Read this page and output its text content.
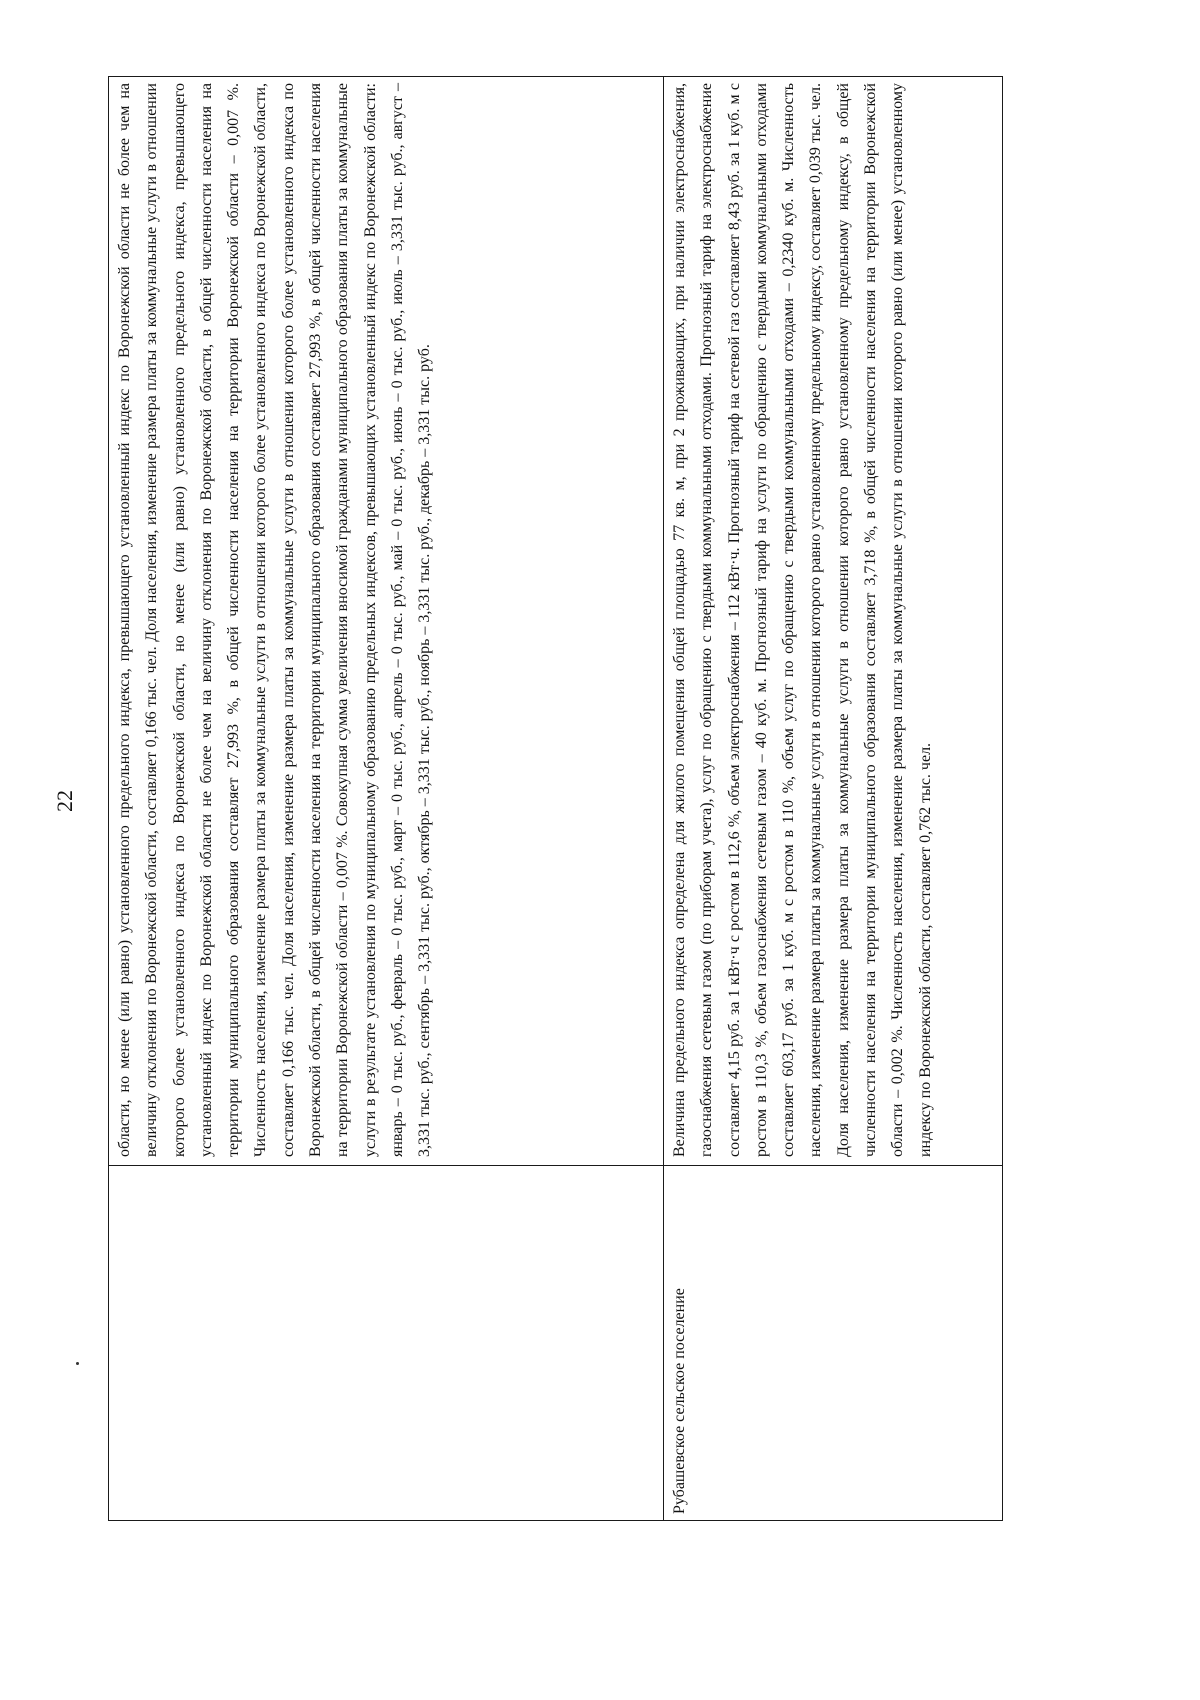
22	области, но менее (или равно) установленного предельного индекса, превышающего установленный индекс по Воронежской области не более чем на величину отклонения по Воронежской области, составляет 0,166 тыс. чел. Доля населения, изменение размера платы за коммунальные услуги в отношении которого более установленного индекса по Воронежской области, но менее (или равно) установленного предельного индекса, превышающего установленный индекс по Воронежской области не более чем на величину отклонения по Воронежской области, в общей численности населения на территории муниципального образования составляет 27,993 %, в общей численности населения на территории Воронежской области – 0,007 %. Численность населения, изменение размера платы за коммунальные услуги в отношении которого более установленного индекса по Воронежской области, составляет 0,166 тыс. чел. Доля населения, изменение размера платы за коммунальные услуги в отношении которого более установленного индекса по Воронежской области, в общей численности населения на территории муниципального образования составляет 27,993 %, в общей численности населения на территории Воронежской области – 0,007 %. Совокупная сумма увеличения вносимой гражданами муниципального образования платы за коммунальные услуги в результате установления по муниципальному образованию предельных индексов, превышающих установленный индекс по Воронежской области: январь – 0 тыс. руб., февраль – 0 тыс. руб., март – 0 тыс. руб., апрель – 0 тыс. руб., май – 0 тыс. руб., июнь – 0 тыс. руб., июль – 3,331 тыс. руб., август – 3,331 тыс. руб., сентябрь – 3,331 тыс. руб., октябрь – 3,331 тыс. руб., ноябрь – 3,331 тыс. руб., декабрь – 3,331 тыс. руб.
Рубашевское сельское поселение
Величина предельного индекса определена для жилого помещения общей площадью 77 кв. м, при 2 проживающих, при наличии электроснабжения, газоснабжения сетевым газом (по приборам учета), услуг по обращению с твердыми коммунальными отходами. Прогнозный тариф на электроснабжение составляет 4,15 руб. за 1 кВт·ч с ростом в 112,6 %, объем электроснабжения – 112 кВт·ч. Прогнозный тариф на сетевой газ составляет 8,43 руб. за 1 куб. м с ростом в 110,3 %, объем газоснабжения сетевым газом – 40 куб. м. Прогнозный тариф на услуги по обращению с твердыми коммунальными отходами составляет 603,17 руб. за 1 куб. м с ростом в 110 %, объем услуг по обращению с твердыми коммунальными отходами – 0,2340 куб. м. Численность населения, изменение размера платы за коммунальные услуги в отношении которого равно установленному предельному индексу, составляет 0,039 тыс. чел. Доля населения, изменение размера платы за коммунальные услуги в отношении которого равно установленному предельному индексу, в общей численности населения на территории муниципального образования составляет 3,718 %, в общей численности населения на территории Воронежской области – 0,002 %. Численность населения, изменение размера платы за коммунальные услуги в отношении которого равно (или менее) установленному индексу по Воронежской области, составляет 0,762 тыс. чел.
